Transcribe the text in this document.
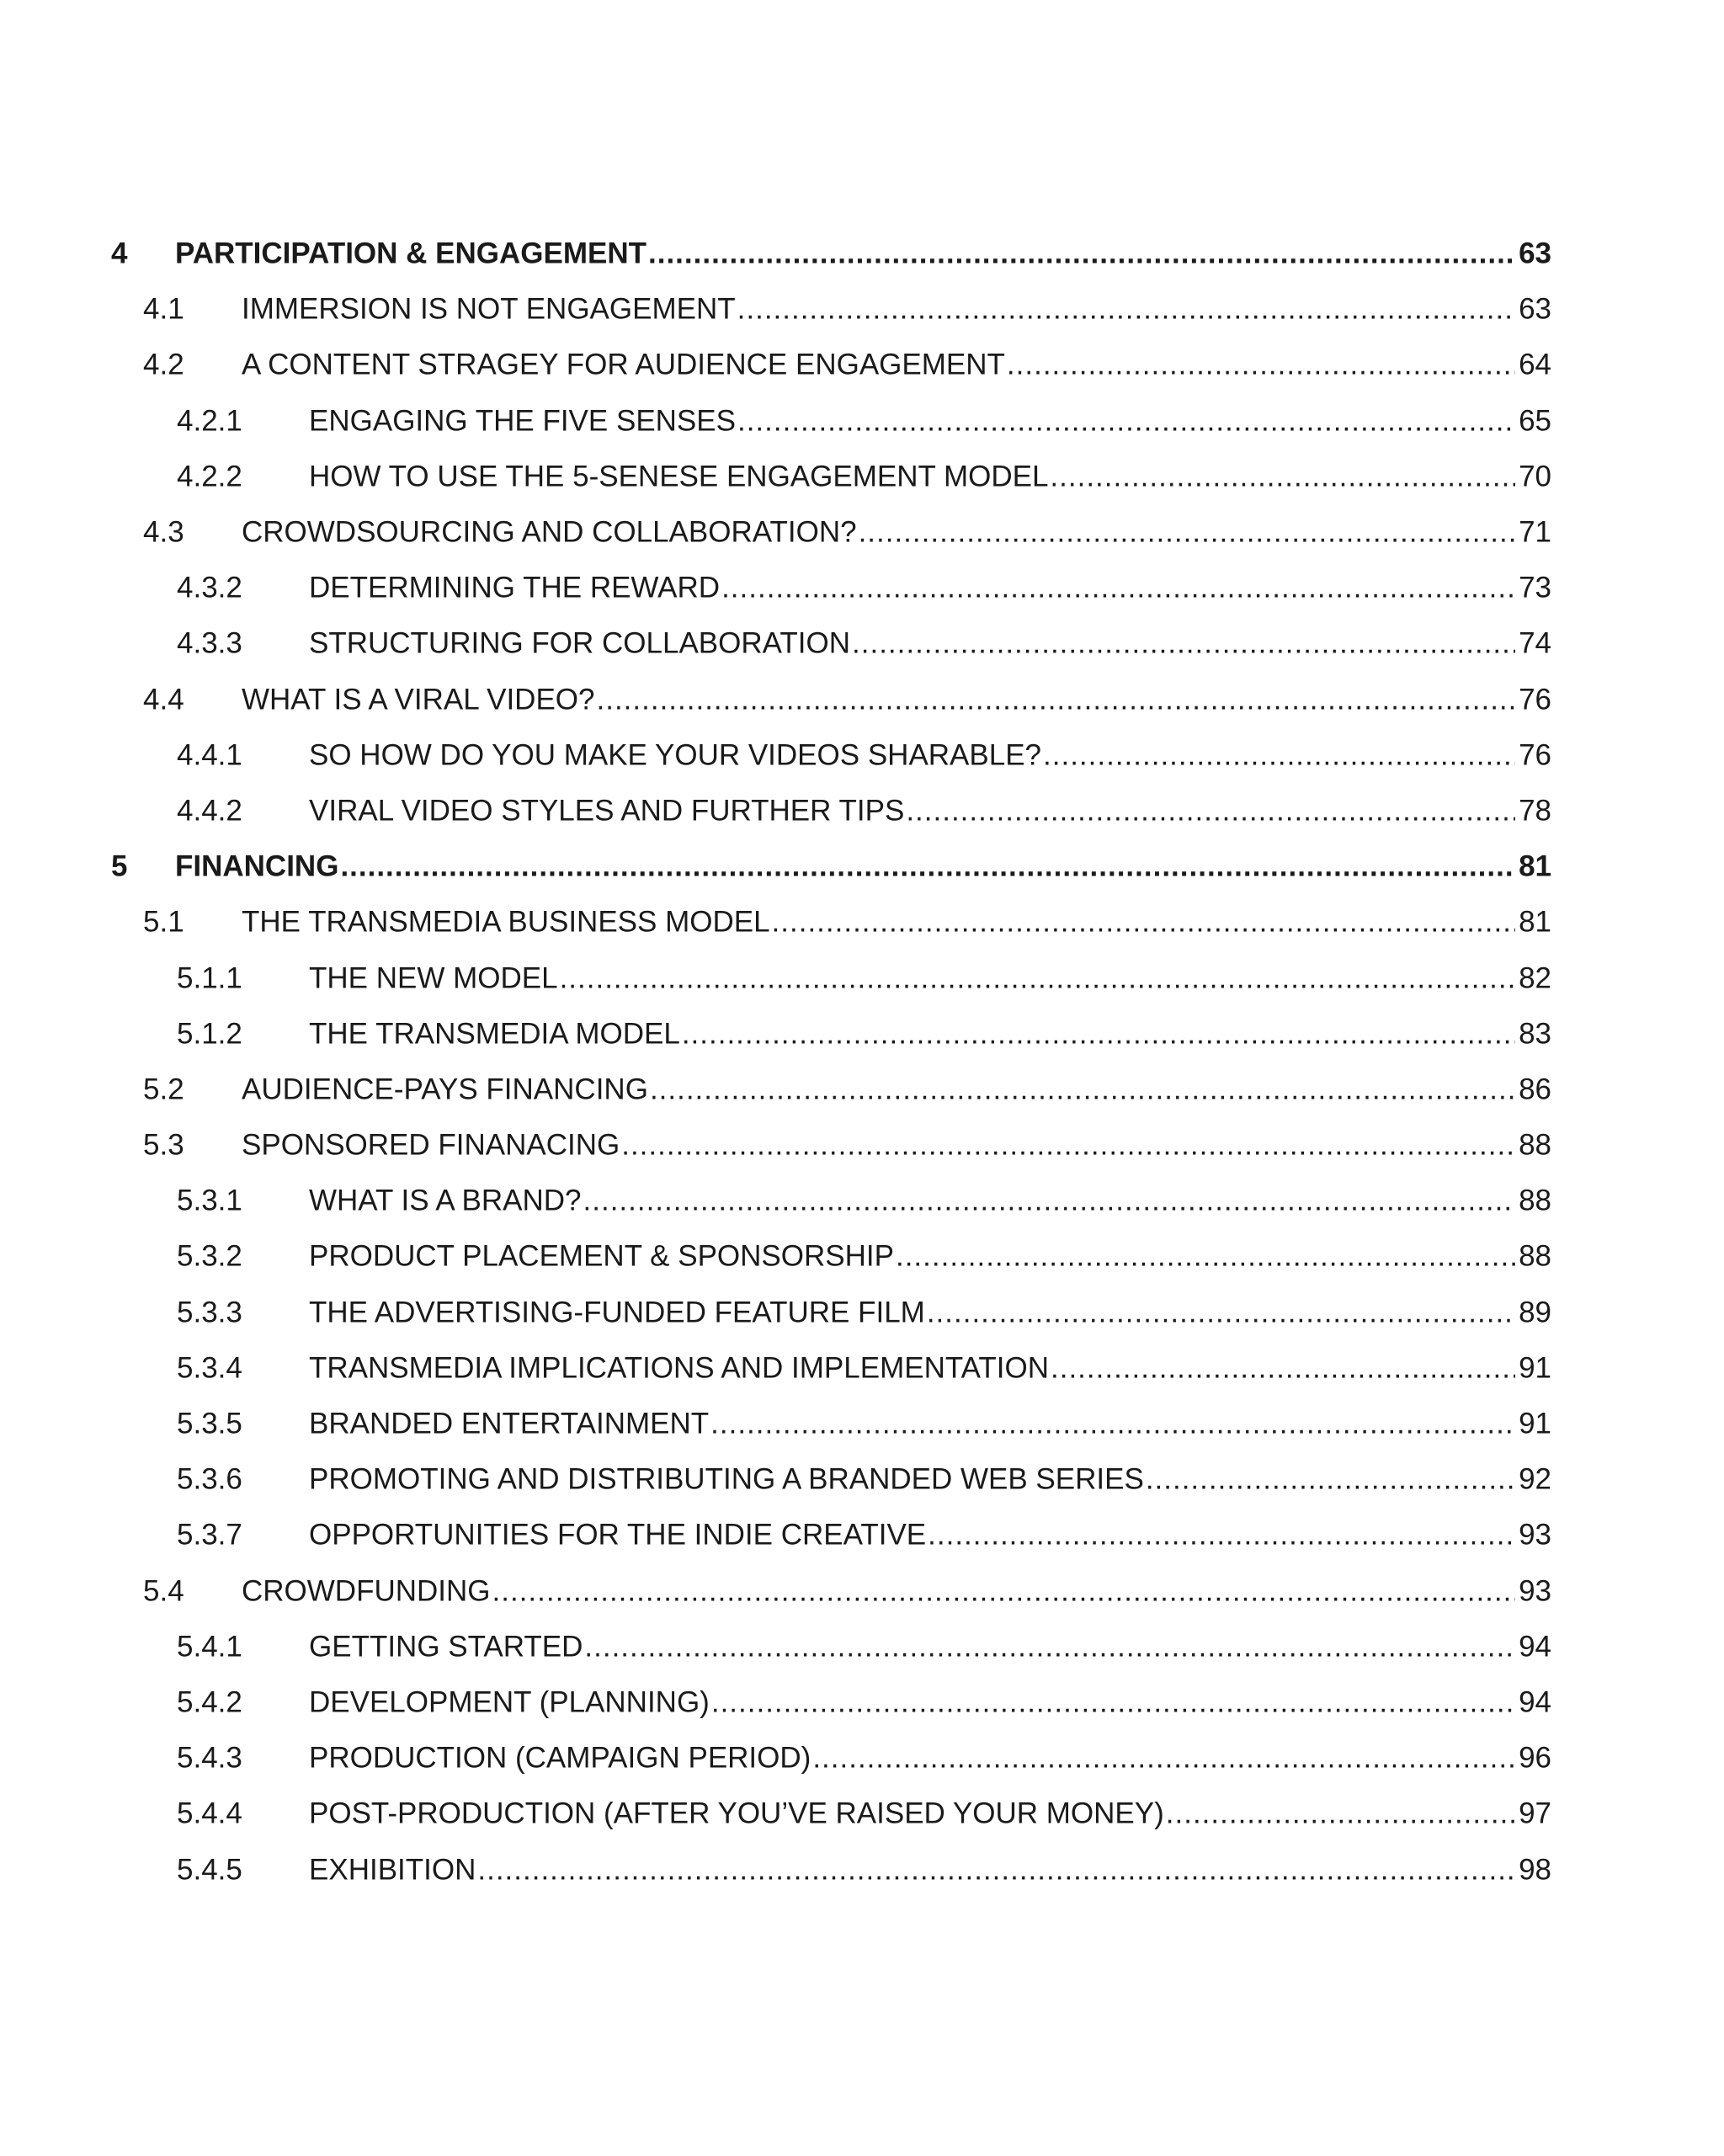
4 PARTICIPATION & ENGAGEMENT .....	63
4.1 IMMERSION IS NOT ENGAGEMENT .....	63
4.2 A CONTENT STRAGEY FOR AUDIENCE ENGAGEMENT .....	64
4.2.1 ENGAGING THE FIVE SENSES .....	65
4.2.2 HOW TO USE THE 5-SENESE ENGAGEMENT MODEL .....	70
4.3 CROWDSOURCING AND COLLABORATION? .....	71
4.3.2 DETERMINING THE REWARD .....	73
4.3.3 STRUCTURING FOR COLLABORATION .....	74
4.4 WHAT IS A VIRAL VIDEO? .....	76
4.4.1 SO HOW DO YOU MAKE YOUR VIDEOS SHARABLE? .....	76
4.4.2 VIRAL VIDEO STYLES AND FURTHER TIPS .....	78
5 FINANCING .....	81
5.1 THE TRANSMEDIA BUSINESS MODEL .....	81
5.1.1 THE NEW MODEL .....	82
5.1.2 THE TRANSMEDIA MODEL .....	83
5.2 AUDIENCE-PAYS FINANCING .....	86
5.3 SPONSORED FINANACING .....	88
5.3.1 WHAT IS A BRAND? .....	88
5.3.2 PRODUCT PLACEMENT & SPONSORSHIP .....	88
5.3.3 THE ADVERTISING-FUNDED FEATURE FILM .....	89
5.3.4 TRANSMEDIA IMPLICATIONS AND IMPLEMENTATION .....	91
5.3.5 BRANDED ENTERTAINMENT .....	91
5.3.6 PROMOTING AND DISTRIBUTING A BRANDED WEB SERIES .....	92
5.3.7 OPPORTUNITIES FOR THE INDIE CREATIVE .....	93
5.4 CROWDFUNDING .....	93
5.4.1 GETTING STARTED .....	94
5.4.2 DEVELOPMENT (PLANNING) .....	94
5.4.3 PRODUCTION (CAMPAIGN PERIOD) .....	96
5.4.4 POST-PRODUCTION (AFTER YOU’VE RAISED YOUR MONEY) .....	97
5.4.5 EXHIBITION .....	98
